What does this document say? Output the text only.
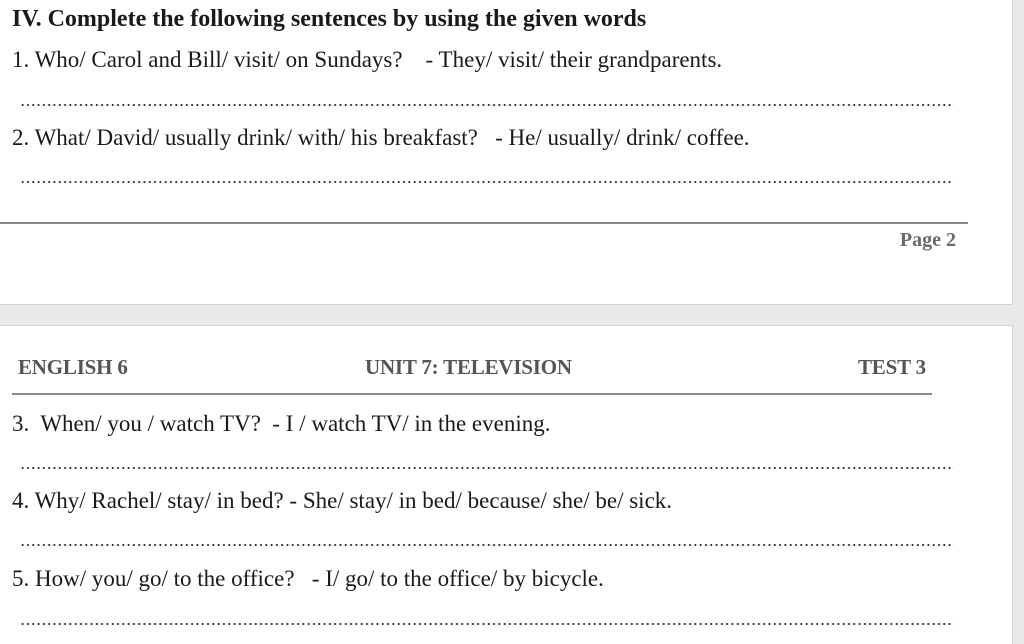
IV. Complete the following sentences by using the given words
1. Who/ Carol and Bill/ visit/ on Sundays?    - They/ visit/ their grandparents.
2. What/ David/ usually drink/ with/ his breakfast?   - He/ usually/ drink/ coffee.
Page 2
ENGLISH 6	UNIT 7: TELEVISION	TEST 3
3.  When/ you / watch TV?  - I / watch TV/ in the evening.
4. Why/ Rachel/ stay/ in bed? - She/ stay/ in bed/ because/ she/ be/ sick.
5. How/ you/ go/ to the office?   - I/ go/ to the office/ by bicycle.
